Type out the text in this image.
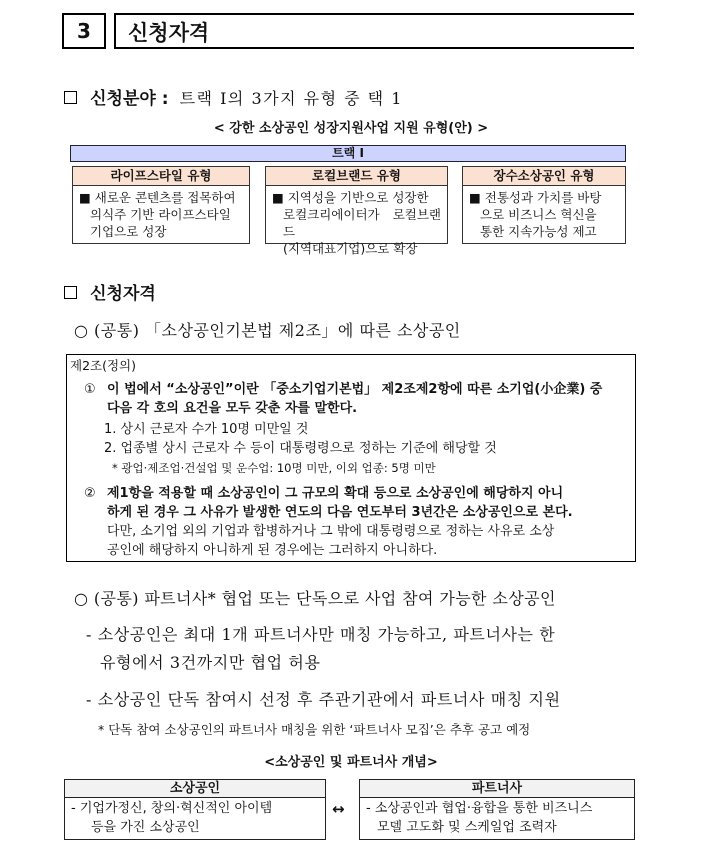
3	신청자격
신청분야 : 트랙 I의 3가지 유형 중 택 1
< 강한 소상공인 성장지원사업 지원 유형(안) >
트랙 I
라이프스타일 유형
■ 새로운 콘텐츠를 접목하여
의식주 기반 라이프스타일
기업으로 성장
로컬브랜드 유형
■ 지역성을 기반으로 성장한
로컬크리에이터가 로컬브랜드
(지역대표기업)으로 확장
장수소상공인 유형
■ 전통성과 가치를 바탕
으로 비즈니스 혁신을
통한 지속가능성 제고
신청자격
○ (공통) 「소상공인기본법 제2조」에 따른 소상공인
제2조(정의)
① 이 법에서 “소상공인”이란 「중소기업기본법」 제2조제2항에 따른 소기업(小企業) 중
다음 각 호의 요건을 모두 갖춘 자를 말한다.
1. 상시 근로자 수가 10명 미만일 것
2. 업종별 상시 근로자 수 등이 대통령령으로 정하는 기준에 해당할 것
* 광업·제조업·건설업 및 운수업: 10명 미만, 이외 업종: 5명 미만
② 제1항을 적용할 때 소상공인이 그 규모의 확대 등으로 소상공인에 해당하지 아니
하게 된 경우 그 사유가 발생한 연도의 다음 연도부터 3년간은 소상공인으로 본다.
다만, 소기업 외의 기업과 합병하거나 그 밖에 대통령령으로 정하는 사유로 소상
공인에 해당하지 아니하게 된 경우에는 그러하지 아니하다.
○ (공통) 파트너사* 협업 또는 단독으로 사업 참여 가능한 소상공인
- 소상공인은 최대 1개 파트너사만 매칭 가능하고, 파트너사는 한
유형에서 3건까지만 협업 허용
- 소상공인 단독 참여시 선정 후 주관기관에서 파트너사 매칭 지원
* 단독 참여 소상공인의 파트너사 매칭을 위한 ‘파트너사 모집’은 추후 공고 예정
<소상공인 및 파트너사 개념>
소상공인
- 기업가정신, 창의·혁신적인 아이템
등을 가진 소상공인
↔
파트너사
- 소상공인과 협업·융합을 통한 비즈니스
모델 고도화 및 스케일업 조력자
